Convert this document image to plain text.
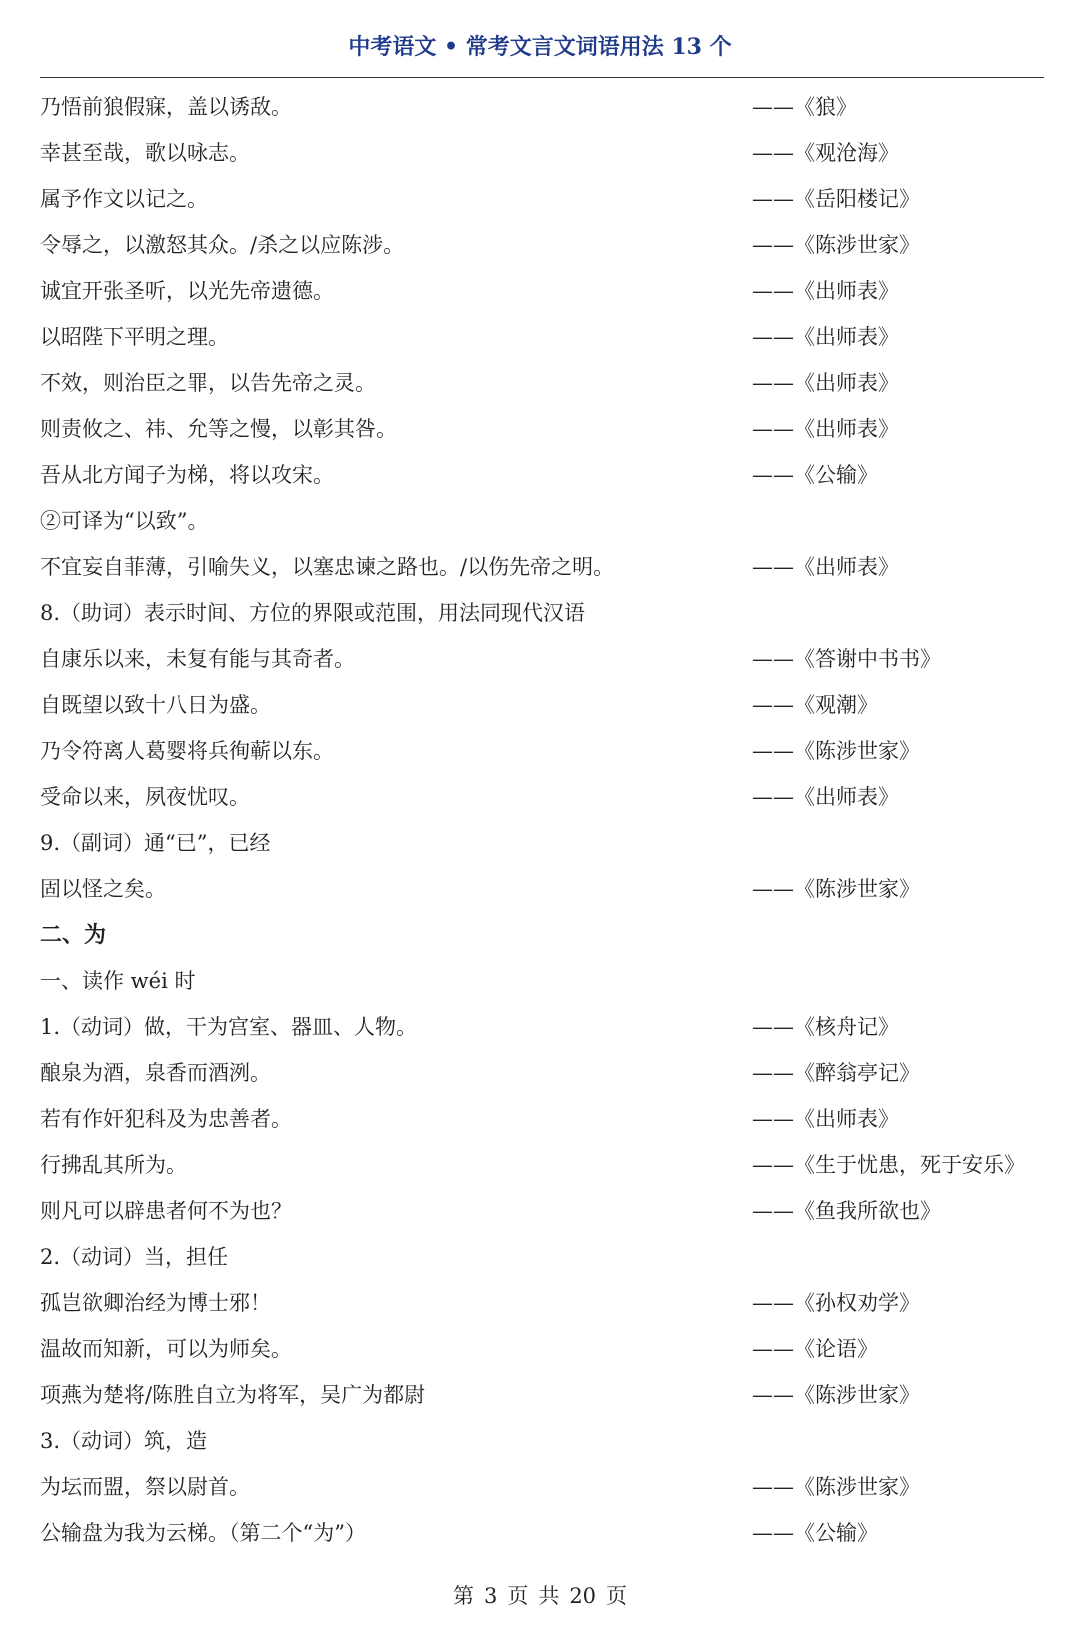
中考语文 • 常考文言文词语用法 13 个
乃悟前狼假寐，盖以诱敌。	——《狼》
幸甚至哉，歌以咏志。	——《观沧海》
属予作文以记之。	——《岳阳楼记》
令辱之，以激怒其众。/杀之以应陈涉。	——《陈涉世家》
诚宜开张圣听，以光先帝遗德。	——《出师表》
以昭陛下平明之理。	——《出师表》
不效，则治臣之罪，以告先帝之灵。	——《出师表》
则责攸之、祎、允等之慢，以彰其咎。	——《出师表》
吾从北方闻子为梯，将以攻宋。	——《公输》
②可译为“以致”。
不宜妄自菲薄，引喻失义，以塞忠谏之路也。/以伤先帝之明。	——《出师表》
8.（助词）表示时间、方位的界限或范围，用法同现代汉语
自康乐以来，未复有能与其奇者。	——《答谢中书书》
自既望以致十八日为盛。	——《观潮》
乃令符离人葛婴将兵徇蕲以东。	——《陈涉世家》
受命以来，夙夜忧叹。	——《出师表》
9.（副词）通“已”，已经
固以怪之矣。	——《陈涉世家》
二、为
一、读作 wéi 时
1.（动词）做，干为宫室、器皿、人物。	——《核舟记》
酿泉为酒，泉香而酒洌。	——《醉翁亭记》
若有作奸犯科及为忠善者。	——《出师表》
行拂乱其所为。	——《生于忧患，死于安乐》
则凡可以辟患者何不为也？	——《鱼我所欲也》
2.（动词）当，担任
孤岂欲卿治经为博士邪！	——《孙权劝学》
温故而知新，可以为师矣。	——《论语》
项燕为楚将/陈胜自立为将军，吴广为都尉	——《陈涉世家》
3.（动词）筑，造
为坛而盟，祭以尉首。	——《陈涉世家》
公输盘为我为云梯。（第二个“为”）	——《公输》
第 3 页 共 20 页
